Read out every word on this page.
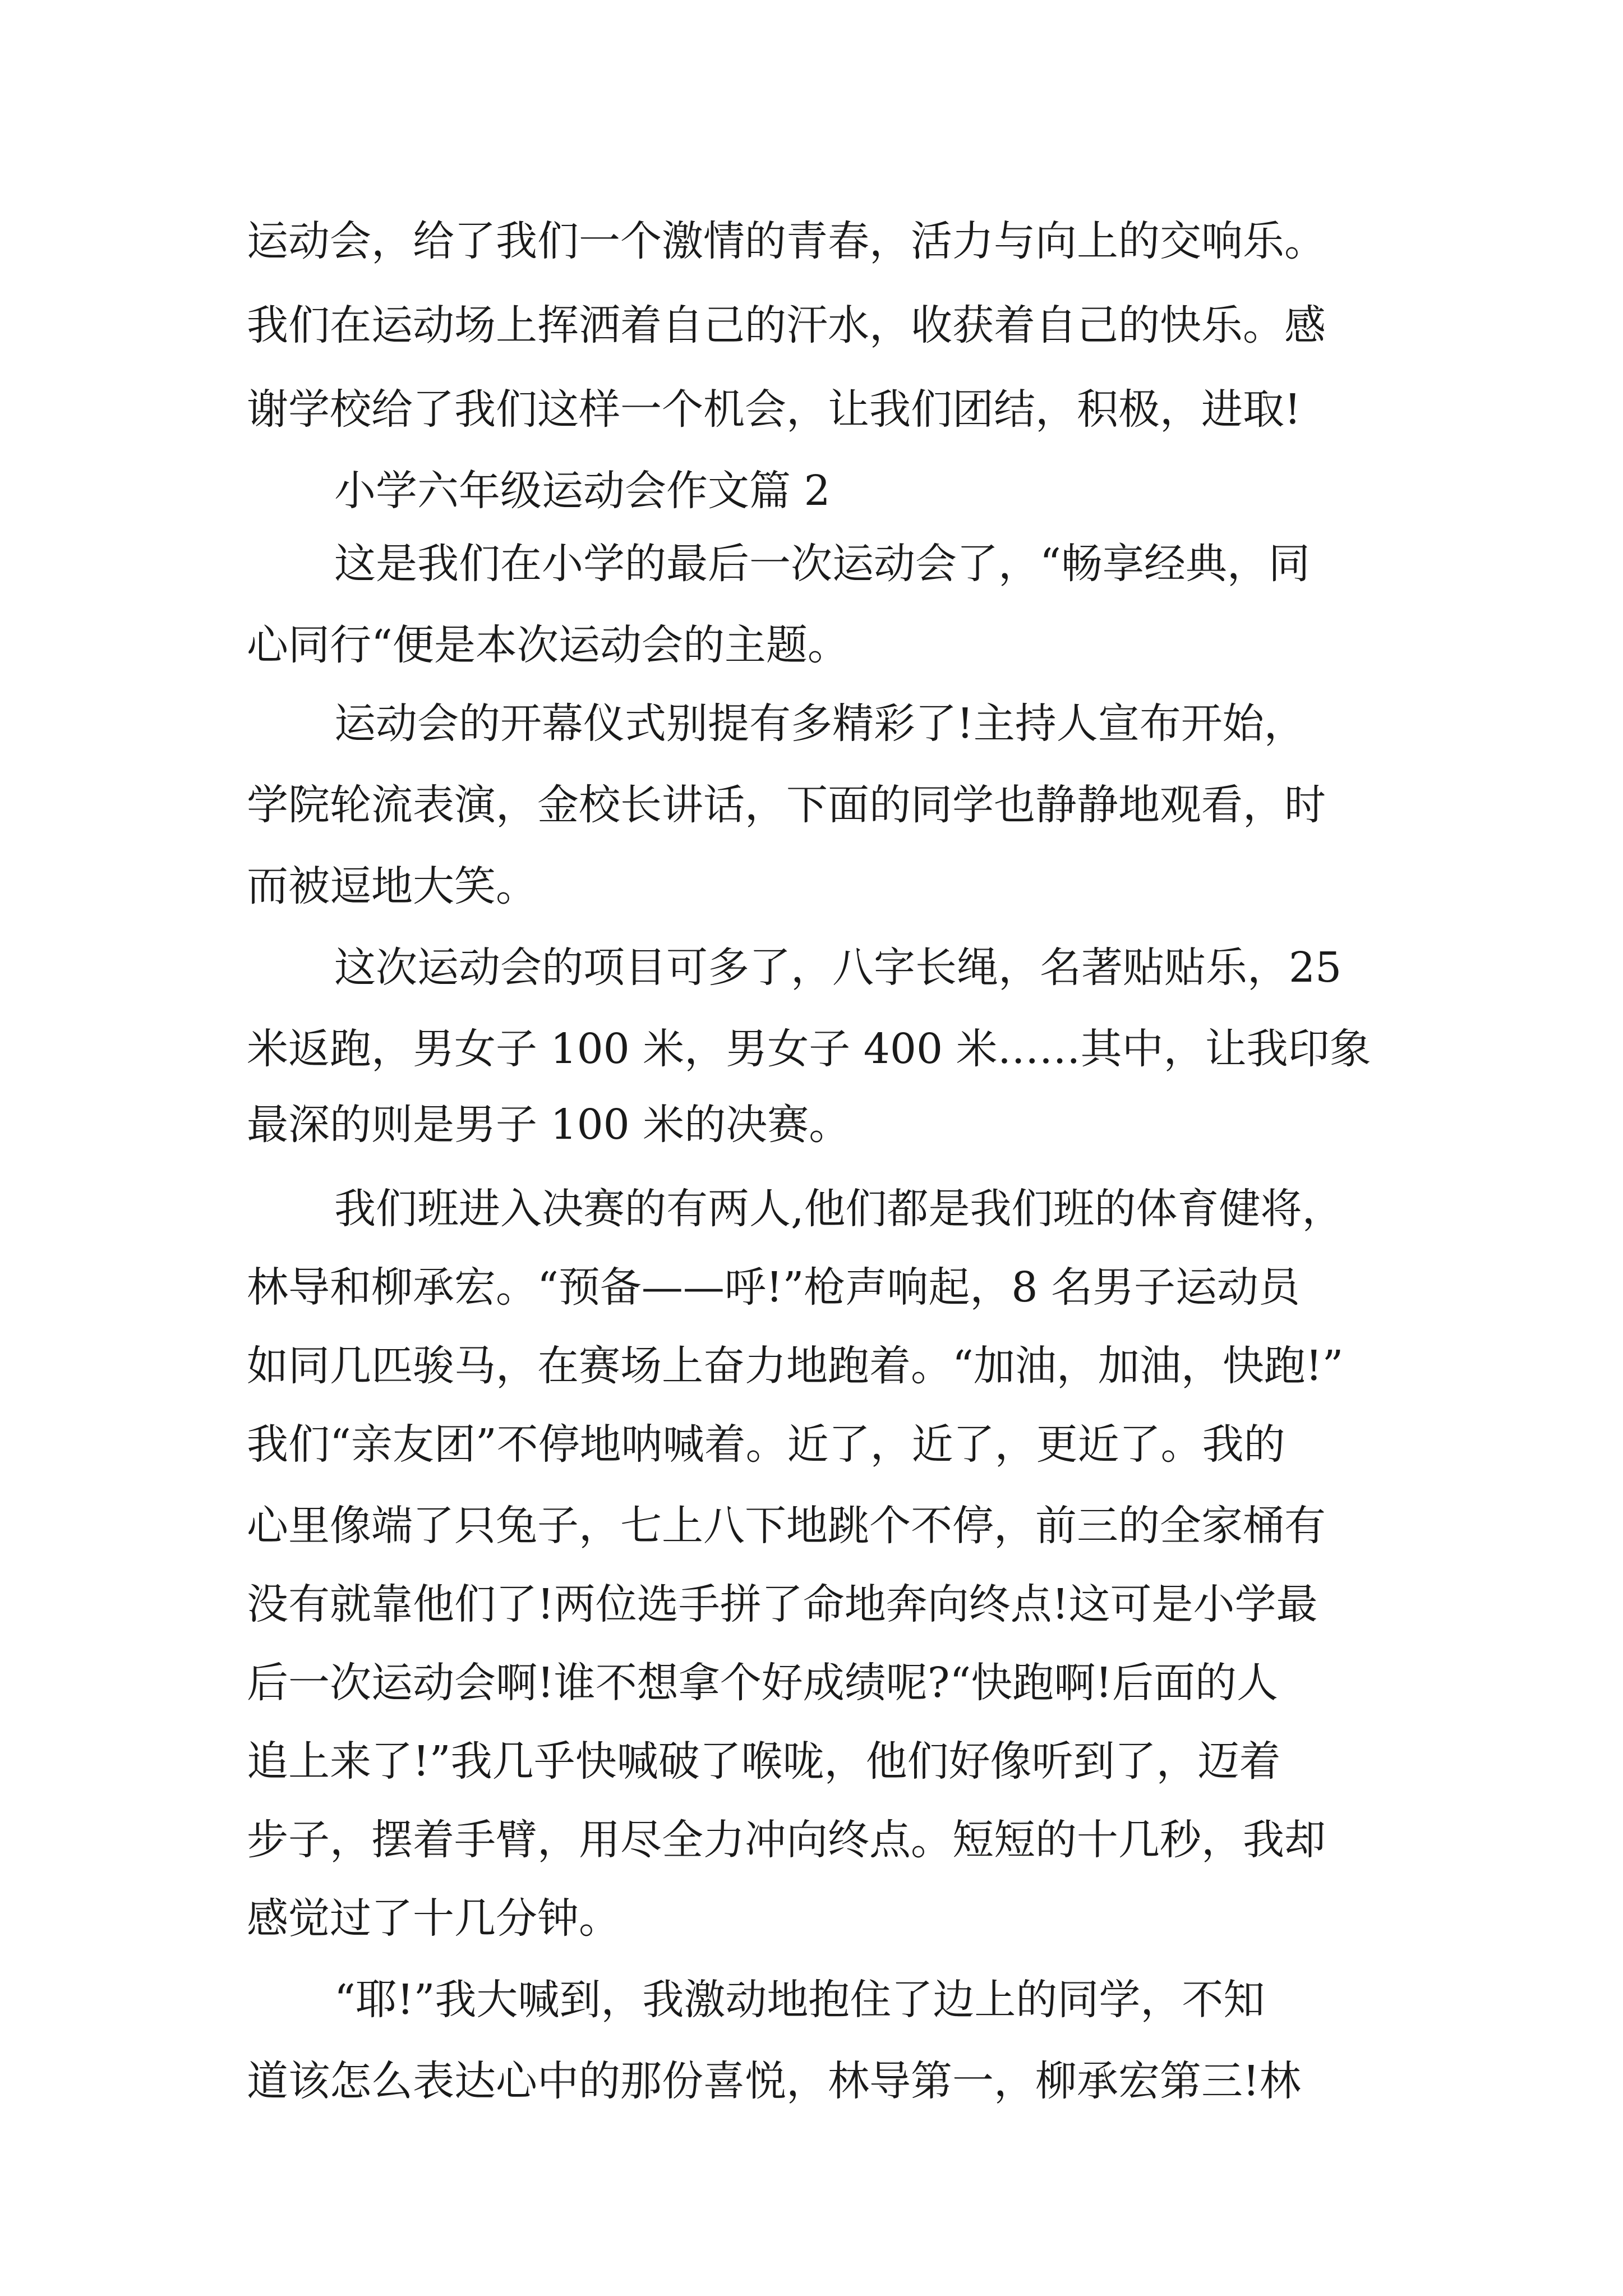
运动会，给了我们一个激情的青春，活力与向上的交响乐。
我们在运动场上挥洒着自己的汗水，收获着自己的快乐。感
谢学校给了我们这样一个机会，让我们团结，积极，进取!
小学六年级运动会作文篇 2
这是我们在小学的最后一次运动会了，“畅享经典，同
心同行“便是本次运动会的主题。
运动会的开幕仪式别提有多精彩了!主持人宣布开始，
学院轮流表演，金校长讲话，下面的同学也静静地观看，时
而被逗地大笑。
这次运动会的项目可多了，八字长绳，名著贴贴乐，25
米返跑，男女子 100 米，男女子 400 米……其中，让我印象
最深的则是男子 100 米的决赛。
我们班进入决赛的有两人,他们都是我们班的体育健将，
林导和柳承宏。“预备——呼!”枪声响起，8 名男子运动员
如同几匹骏马，在赛场上奋力地跑着。“加油，加油，快跑!”
我们“亲友团”不停地呐喊着。近了，近了，更近了。我的
心里像端了只兔子，七上八下地跳个不停，前三的全家桶有
没有就靠他们了!两位选手拼了命地奔向终点!这可是小学最
后一次运动会啊!谁不想拿个好成绩呢?“快跑啊!后面的人
追上来了!”我几乎快喊破了喉咙，他们好像听到了，迈着
步子，摆着手臂，用尽全力冲向终点。短短的十几秒，我却
感觉过了十几分钟。
“耶!”我大喊到，我激动地抱住了边上的同学，不知
道该怎么表达心中的那份喜悦，林导第一，柳承宏第三!林
